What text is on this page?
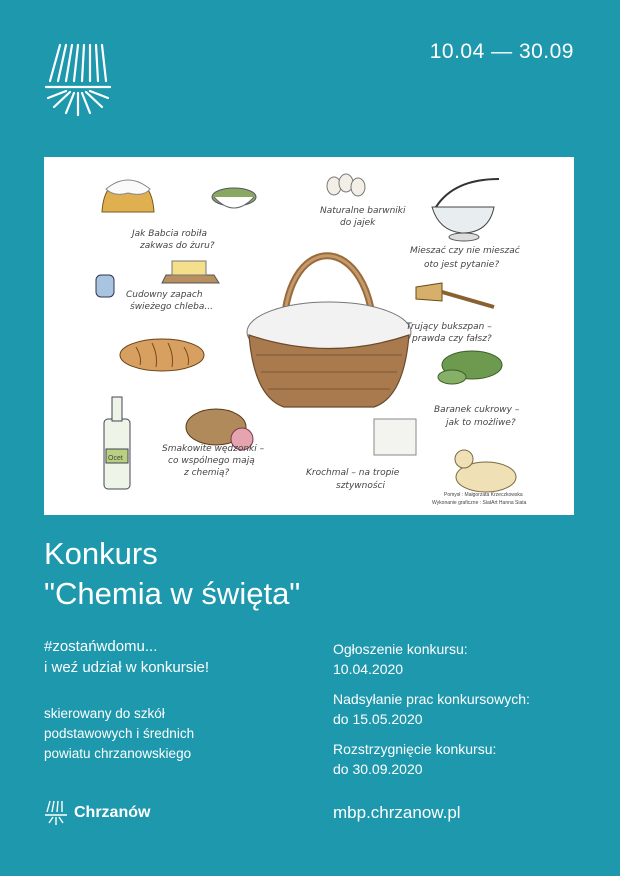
10.04 — 30.09
Ocet
Jak Babcia robiła
zakwas do żuru?
Naturalne barwniki
do jajek
Mieszać czy nie mieszać
oto jest pytanie?
Cudowny zapach
świeżego chleba...
Trujący bukszpan –
prawda czy fałsz?
Baranek cukrowy –
jak to możliwe?
Smakowite wędzonki –
co wspólnego mają
z chemią?	Krochmal – na tropie
sztywności
Pomysł : Małgorzata Krzeczkowska
Wykonanie graficzne : SiatArt Hanna Siata
Konkurs
"Chemia w święta"
#zostańwdomu...
i weź udział w konkursie!
skierowany do szkół
podstawowych i średnich
powiatu chrzanowskiego
Ogłoszenie konkursu:
10.04.2020
Nadsyłanie prac konkursowych:
do 15.05.2020
Rozstrzygnięcie konkursu:
do 30.09.2020
Chrzanów	mbp.chrzanow.pl
